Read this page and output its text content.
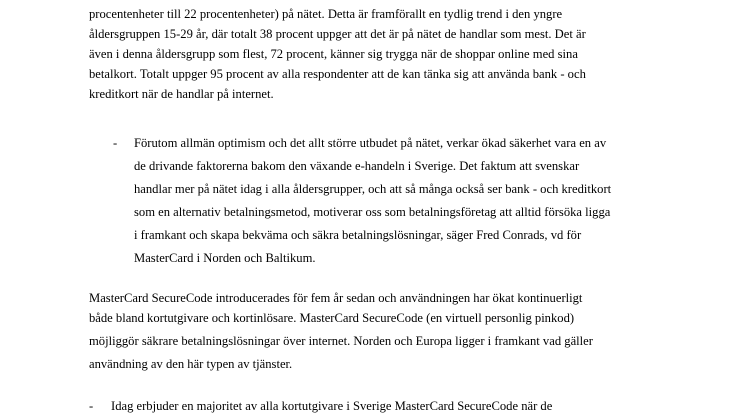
procentenheter till 22 procentenheter) på nätet. Detta är framförallt en tydlig trend i den yngre
åldersgruppen 15-29 år, där totalt 38 procent uppger att det är på nätet de handlar som mest. Det är
även i denna åldersgrupp som flest, 72 procent, känner sig trygga när de shoppar online med sina
betalkort. Totalt uppger 95 procent av alla respondenter att de kan tänka sig att använda bank - och
kreditkort när de handlar på internet.
- Förutom allmän optimism och det allt större utbudet på nätet, verkar ökad säkerhet vara en av
de drivande faktorerna bakom den växande e-handeln i Sverige. Det faktum att svenskar
handlar mer på nätet idag i alla åldersgrupper, och att så många också ser bank - och kreditkort
som en alternativ betalningsmetod, motiverar oss som betalningsföretag att alltid försöka ligga
i framkant och skapa bekväma och säkra betalningslösningar, säger Fred Conrads, vd för
MasterCard i Norden och Baltikum.
MasterCard SecureCode introducerades för fem år sedan och användningen har ökat kontinuerligt
både bland kortutgivare och kortinlösare. MasterCard SecureCode (en virtuell personlig pinkod)
möjliggör säkrare betalningslösningar över internet. Norden och Europa ligger i framkant vad gäller
användning av den här typen av tjänster.
- Idag erbjuder en majoritet av alla kortutgivare i Sverige MasterCard SecureCode när de
